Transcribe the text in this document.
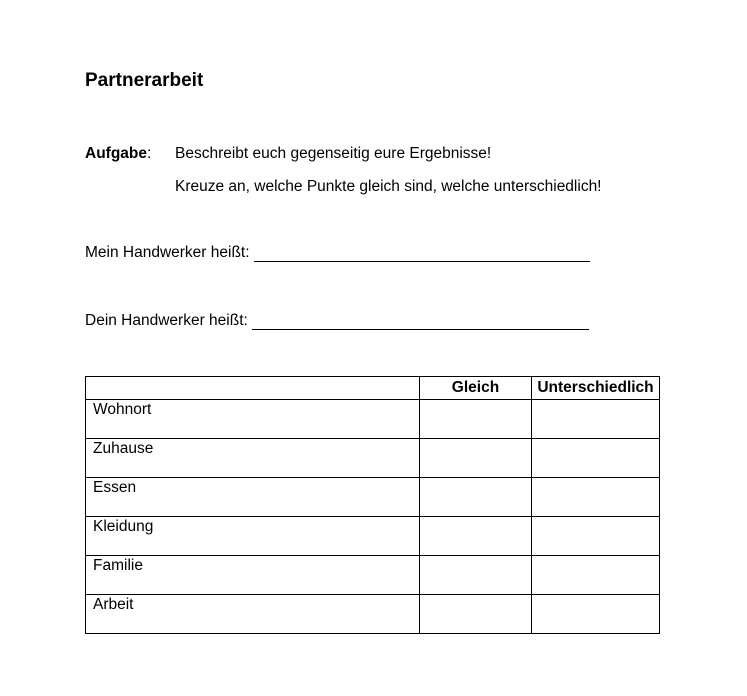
Partnerarbeit
Aufgabe: Beschreibt euch gegenseitig eure Ergebnisse!
Kreuze an, welche Punkte gleich sind, welche unterschiedlich!
Mein Handwerker heißt:
Dein Handwerker heißt:
	Gleich	Unterschiedlich
Wohnort		
Zuhause		
Essen		
Kleidung		
Familie		
Arbeit		
